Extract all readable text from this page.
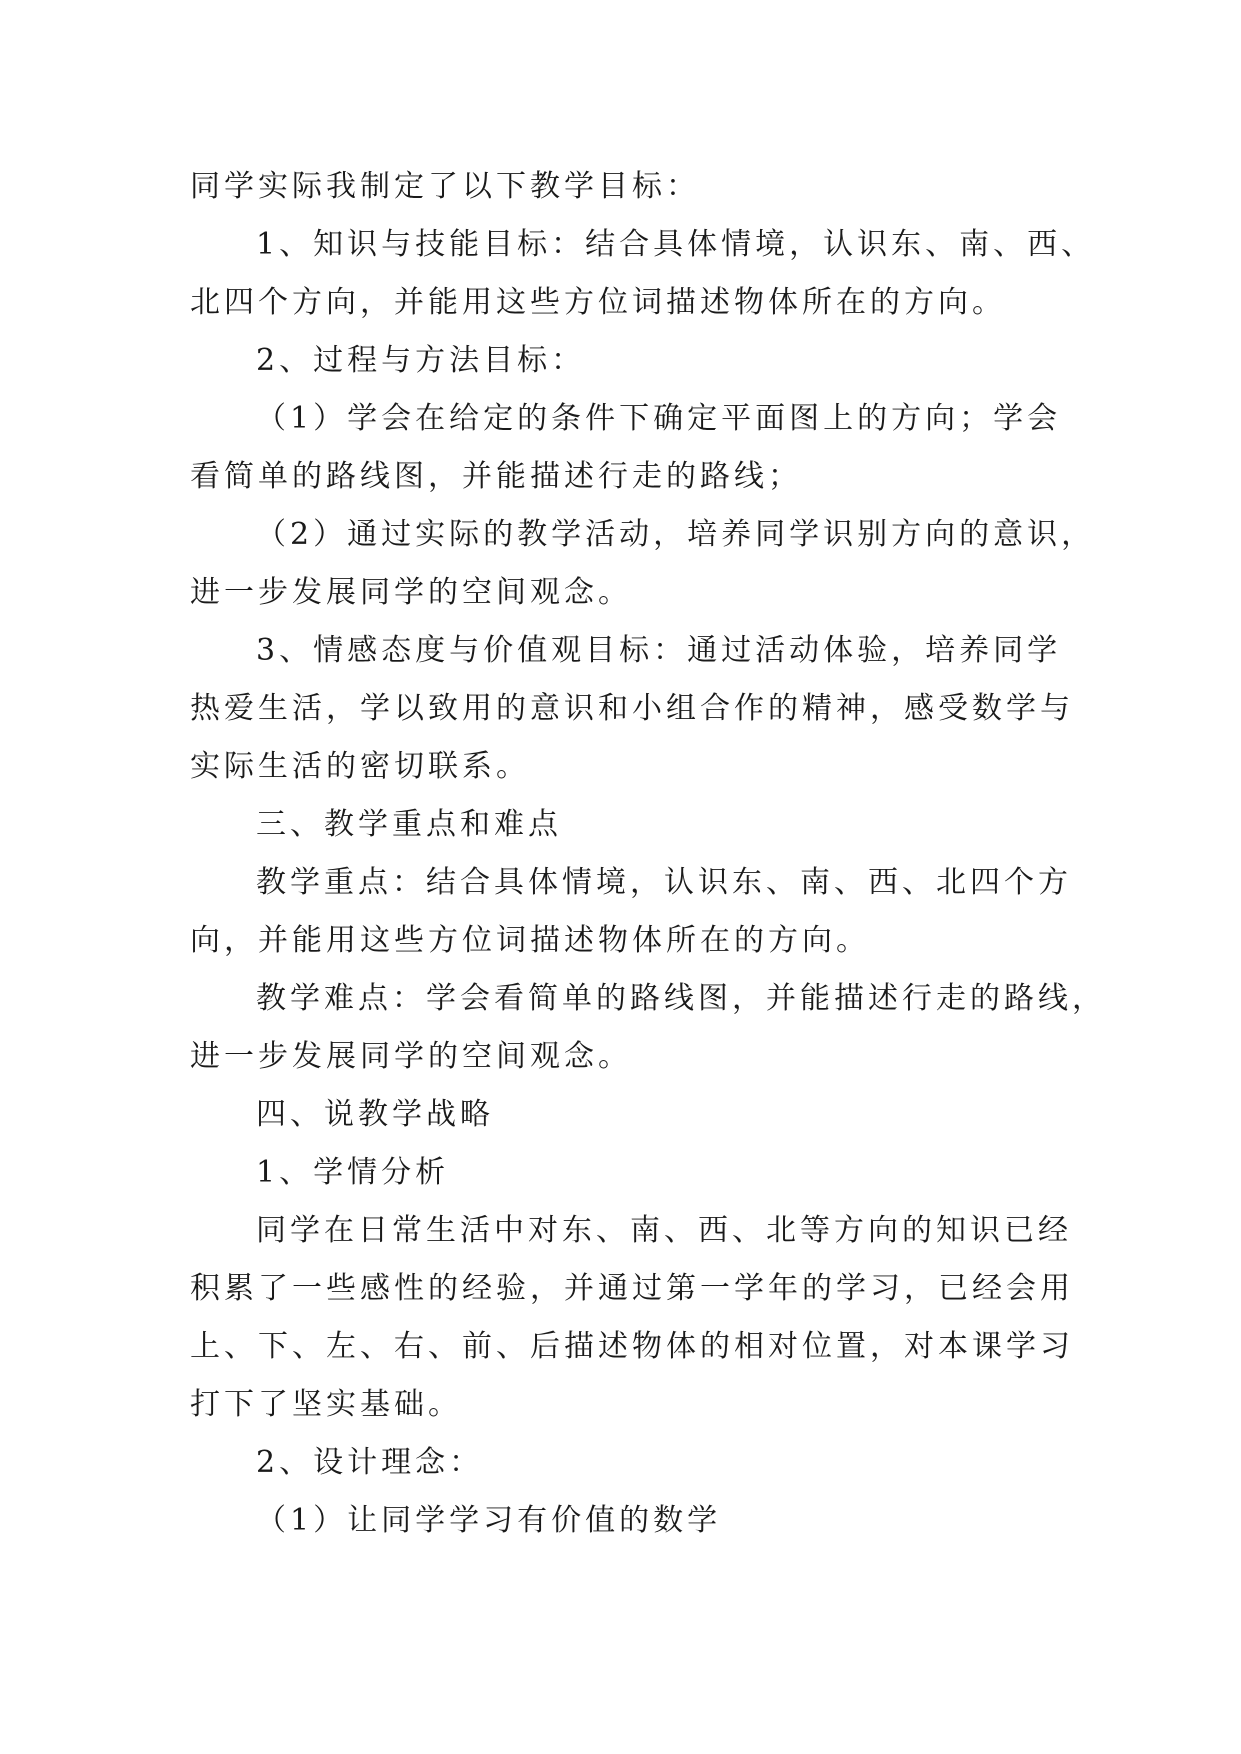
同学实际我制定了以下教学目标：
1、知识与技能目标：结合具体情境，认识东、南、西、
北四个方向，并能用这些方位词描述物体所在的方向。
2、过程与方法目标：
（1）学会在给定的条件下确定平面图上的方向；学会
看简单的路线图，并能描述行走的路线；
（2）通过实际的教学活动，培养同学识别方向的意识，
进一步发展同学的空间观念。
3、情感态度与价值观目标：通过活动体验，培养同学
热爱生活，学以致用的意识和小组合作的精神，感受数学与
实际生活的密切联系。
三、教学重点和难点
教学重点：结合具体情境，认识东、南、西、北四个方
向，并能用这些方位词描述物体所在的方向。
教学难点：学会看简单的路线图，并能描述行走的路线，
进一步发展同学的空间观念。
四、说教学战略
1、学情分析
同学在日常生活中对东、南、西、北等方向的知识已经
积累了一些感性的经验，并通过第一学年的学习，已经会用
上、下、左、右、前、后描述物体的相对位置，对本课学习
打下了坚实基础。
2、设计理念：
（1）让同学学习有价值的数学
